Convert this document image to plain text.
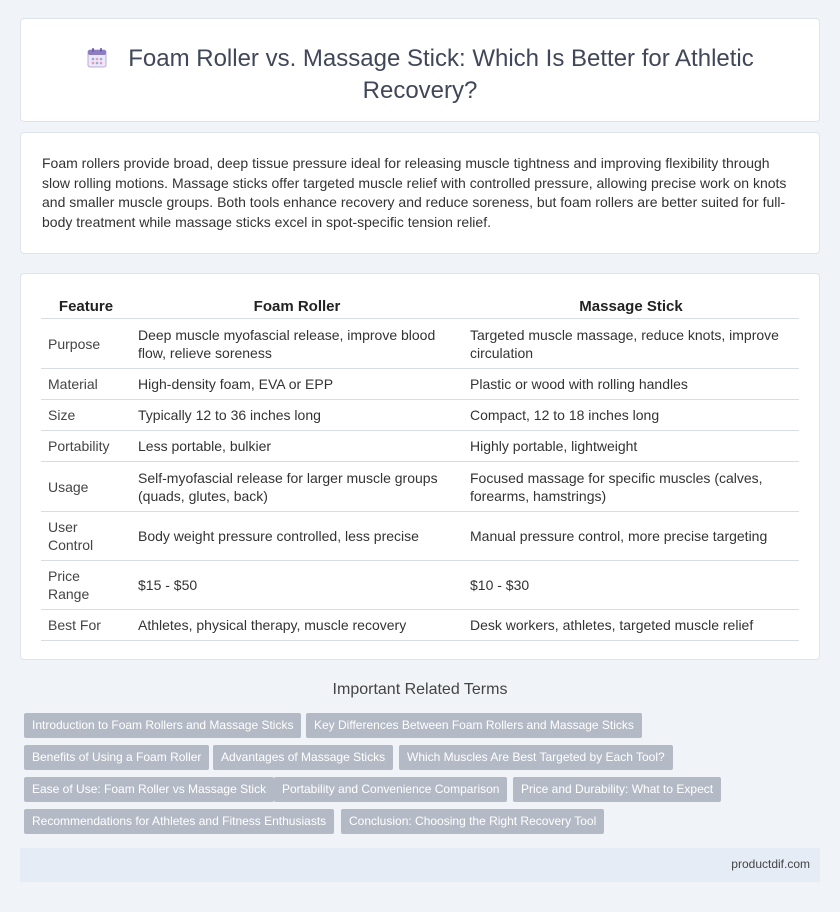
Foam Roller vs. Massage Stick: Which Is Better for Athletic Recovery?

Foam rollers provide broad, deep tissue pressure ideal for releasing muscle tightness and improving flexibility through slow rolling motions. Massage sticks offer targeted muscle relief with controlled pressure, allowing precise work on knots and smaller muscle groups. Both tools enhance recovery and reduce soreness, but foam rollers are better suited for full-body treatment while massage sticks excel in spot-specific tension relief.

Feature	Foam Roller	Massage Stick
Purpose	Deep muscle myofascial release, improve blood flow, relieve soreness	Targeted muscle massage, reduce knots, improve circulation
Material	High-density foam, EVA or EPP	Plastic or wood with rolling handles
Size	Typically 12 to 36 inches long	Compact, 12 to 18 inches long
Portability	Less portable, bulkier	Highly portable, lightweight
Usage	Self-myofascial release for larger muscle groups (quads, glutes, back)	Focused massage for specific muscles (calves, forearms, hamstrings)
User Control	Body weight pressure controlled, less precise	Manual pressure control, more precise targeting
Price Range	$15 - $50	$10 - $30
Best For	Athletes, physical therapy, muscle recovery	Desk workers, athletes, targeted muscle relief
Important Related Terms
Introduction to Foam Rollers and Massage Sticks	Key Differences Between Foam Rollers and Massage Sticks
Benefits of Using a Foam Roller	Advantages of Massage Sticks	Which Muscles Are Best Targeted by Each Tool?
Ease of Use: Foam Roller vs Massage Stick	Portability and Convenience Comparison	Price and Durability: What to Expect
Recommendations for Athletes and Fitness Enthusiasts	Conclusion: Choosing the Right Recovery Tool
productdif.com
